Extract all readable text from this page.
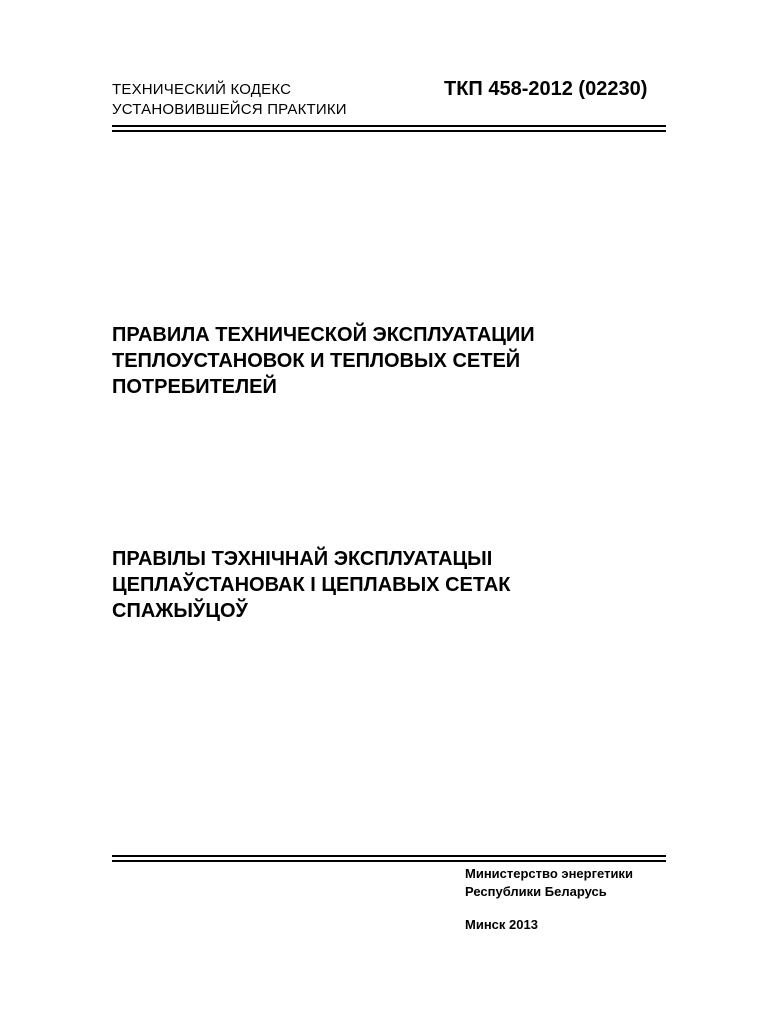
ТЕХНИЧЕСКИЙ КОДЕКС
УСТАНОВИВШЕЙСЯ ПРАКТИКИ
ТКП 458-2012 (02230)
ПРАВИЛА ТЕХНИЧЕСКОЙ ЭКСПЛУАТАЦИИ
ТЕПЛОУСТАНОВОК И ТЕПЛОВЫХ СЕТЕЙ
ПОТРЕБИТЕЛЕЙ
ПРАВІЛЫ ТЭХНІЧНАЙ ЭКСПЛУАТАЦЫІ
ЦЕПЛАЎСТАНОВАК І ЦЕПЛАВЫХ СЕТАК
СПАЖЫЎЦОЎ
Министерство энергетики
Республики Беларусь
Минск 2013
